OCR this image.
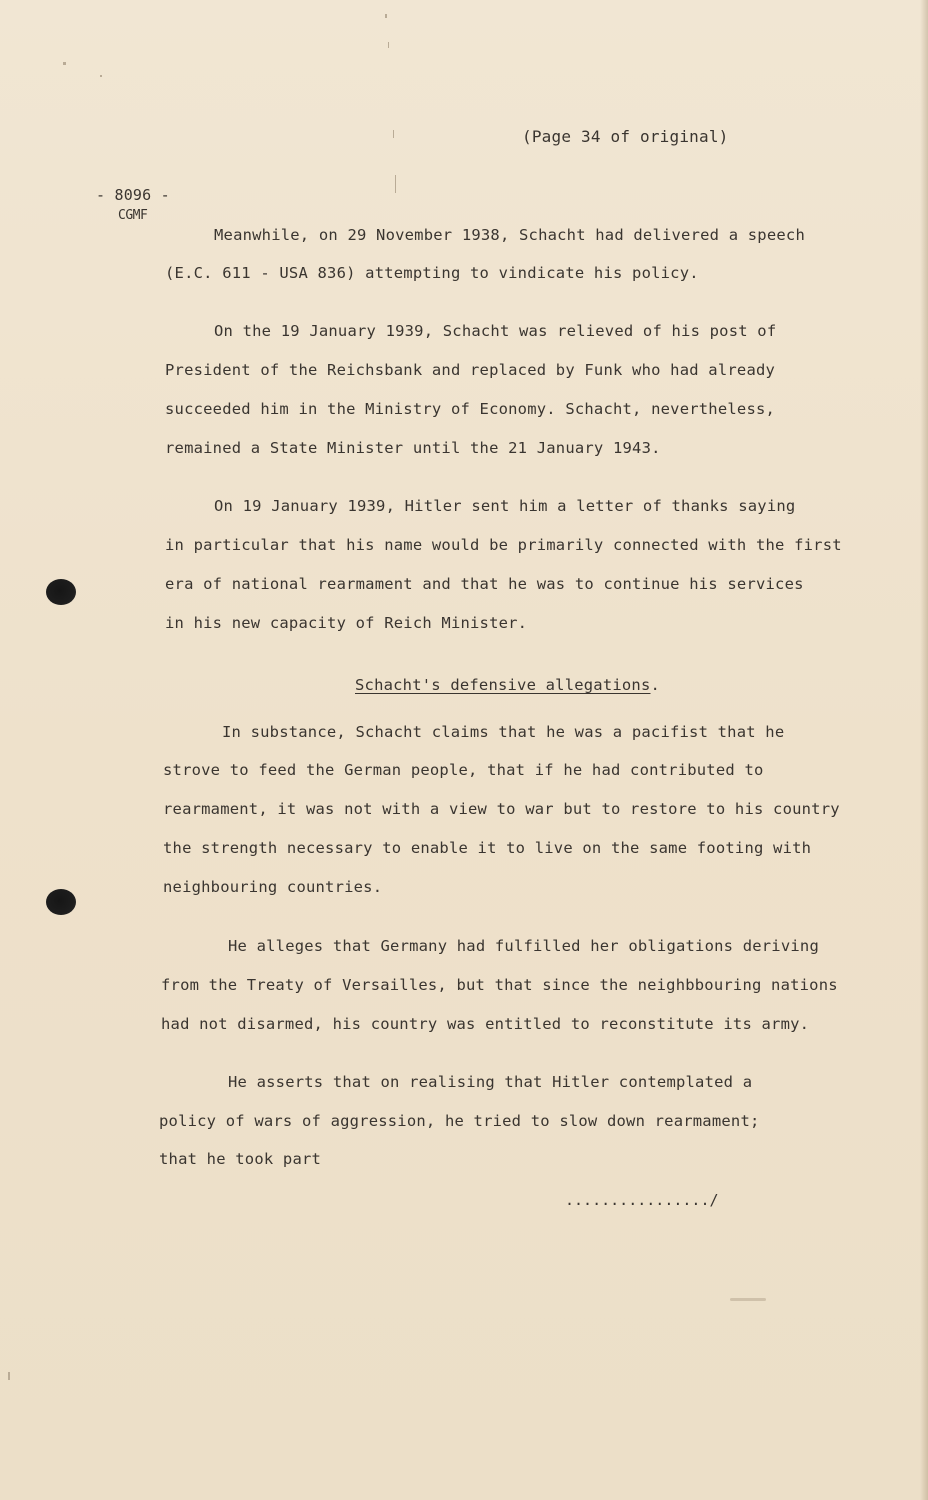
(Page 34 of original)
- 8096 -
CGMF
Meanwhile, on 29 November 1938, Schacht had delivered a speech
(E.C. 611 - USA 836) attempting to vindicate his policy.
On the 19 January 1939, Schacht was relieved of his post of
President of the Reichsbank and replaced by Funk who had already
succeeded him in the Ministry of Economy. Schacht, nevertheless,
remained a State Minister until the 21 January 1943.
On 19 January 1939, Hitler sent him a letter of thanks saying
in particular that his name would be primarily connected with the first
era of national rearmament and that he was to continue his services
in his new capacity of Reich Minister.
Schacht's defensive allegations.
In substance, Schacht claims that he was a pacifist that he
strove to feed the German people, that if he had contributed to
rearmament, it was not with a view to war but to restore to his country
the strength necessary to enable it to live on the same footing with
neighbouring countries.
He alleges that Germany had fulfilled her obligations deriving
from the Treaty of Versailles, but that since the neighbbouring nations
had not disarmed, his country was entitled to reconstitute its army.
He asserts that on realising that Hitler contemplated a
policy of wars of aggression, he tried to slow down rearmament;
that he took part
................/
